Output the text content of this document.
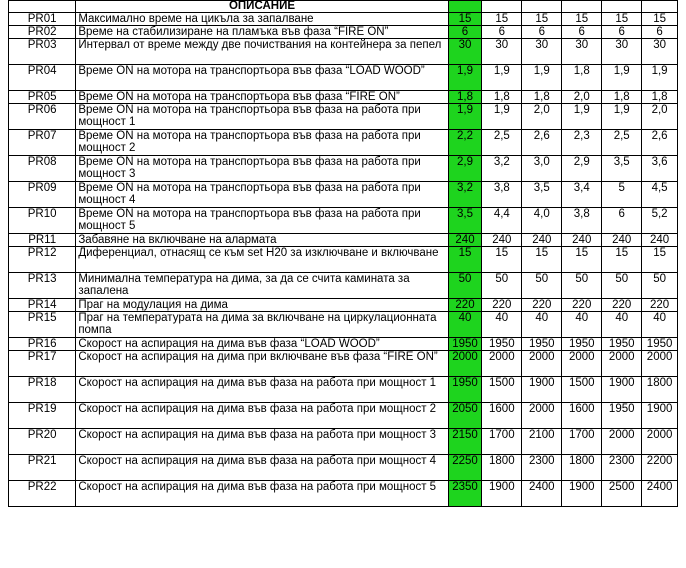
	ОПИСАНИЕ						
PR01	Максимално време на цикъла за запалване	15	15	15	15	15	15
PR02	Време на стабилизиране на пламъка във фаза “FIRE ON”	6	6	6	6	6	6
PR03	Интервал от време между две почиствания на контейнера за пепел	30	30	30	30	30	30
PR04	Време ON на мотора на транспортьора във фаза “LOAD WOOD”	1,9	1,9	1,9	1,8	1,9	1,9
PR05	Време ON на мотора на транспортьора във фаза “FIRE ON”	1,8	1,8	1,8	2,0	1,8	1,8
PR06	Време ON на мотора на транспортьора във фаза на работа при мощност 1	1,9	1,9	2,0	1,9	1,9	2,0
PR07	Време ON на мотора на транспортьора във фаза на работа при мощност 2	2,2	2,5	2,6	2,3	2,5	2,6
PR08	Време ON на мотора на транспортьора във фаза на работа при мощност 3	2,9	3,2	3,0	2,9	3,5	3,6
PR09	Време ON на мотора на транспортьора във фаза на работа при мощност 4	3,2	3,8	3,5	3,4	5	4,5
PR10	Време ON на мотора на транспортьора във фаза на работа при мощност 5	3,5	4,4	4,0	3,8	6	5,2
PR11	Забавяне на включване на алармата	240	240	240	240	240	240
PR12	Диференциал, отнасящ се към set H20 за изключване и включване	15	15	15	15	15	15
PR13	Минимална температура на дима, за да се счита камината за запалена	50	50	50	50	50	50
PR14	Праг на модулация на дима	220	220	220	220	220	220
PR15	Праг на температурата на дима за включване на циркулационната помпа	40	40	40	40	40	40
PR16	Скорост на аспирация на дима във фаза “LOAD WOOD”	1950	1950	1950	1950	1950	1950
PR17	Скорост на аспирация на дима при включване във фаза “FIRE ON”	2000	2000	2000	2000	2000	2000
PR18	Скорост на аспирация на дима във фаза на работа при мощност 1	1950	1500	1900	1500	1900	1800
PR19	Скорост на аспирация на дима във фаза на работа при мощност 2	2050	1600	2000	1600	1950	1900
PR20	Скорост на аспирация на дима във фаза на работа при мощност 3	2150	1700	2100	1700	2000	2000
PR21	Скорост на аспирация на дима във фаза на работа при мощност 4	2250	1800	2300	1800	2300	2200
PR22	Скорост на аспирация на дима във фаза на работа при мощност 5	2350	1900	2400	1900	2500	2400
